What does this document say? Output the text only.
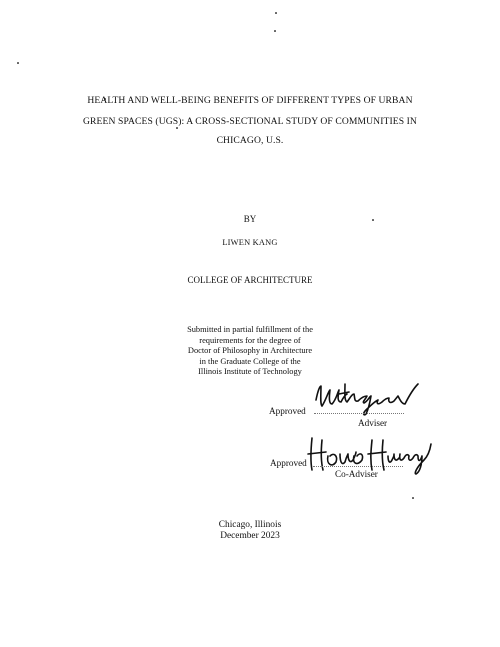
HEALTH AND WELL-BEING BENEFITS OF DIFFERENT TYPES OF URBAN
GREEN SPACES (UGS): A CROSS-SECTIONAL STUDY OF COMMUNITIES IN
CHICAGO, U.S.
BY
LIWEN KANG
COLLEGE OF ARCHITECTURE
Submitted in partial fulfillment of the
requirements for the degree of
Doctor of Philosophy in Architecture
in the Graduate College of the
Illinois Institute of Technology
Approved
Adviser
Approved
Co-Adviser
Chicago, Illinois
December 2023
